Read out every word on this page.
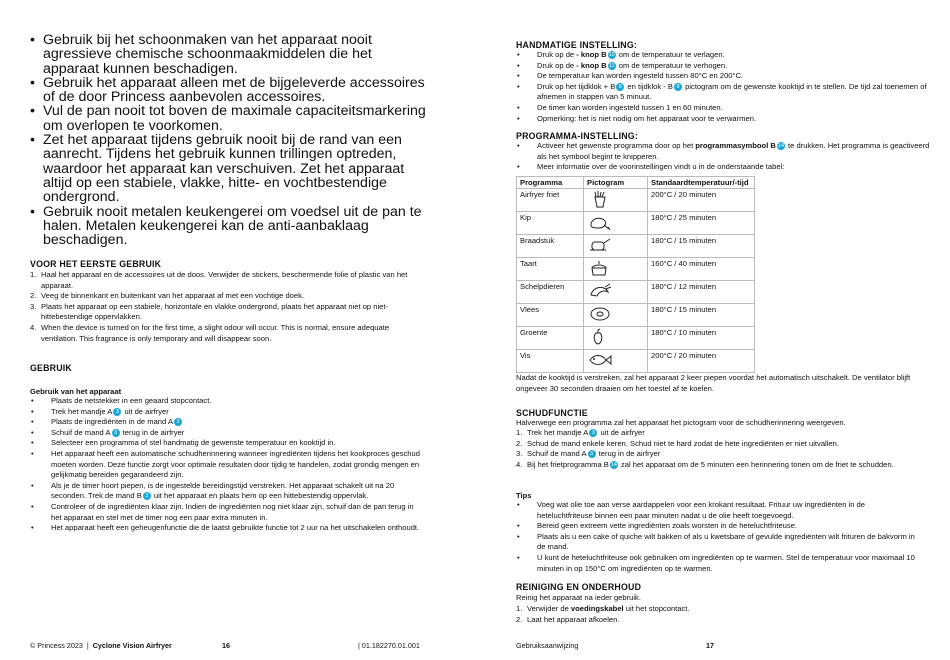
• Gebruik bij het schoonmaken van het apparaat nooit agressieve chemische schoonmaakmiddelen die het apparaat kunnen beschadigen.
• Gebruik het apparaat alleen met de bijgeleverde accessoires of de door Princess aanbevolen accessoires.
• Vul de pan nooit tot boven de maximale capaciteitsmarkering om overlopen te voorkomen.
• Zet het apparaat tijdens gebruik nooit bij de rand van een aanrecht. Tijdens het gebruik kunnen trillingen optreden, waardoor het apparaat kan verschuiven. Zet het apparaat altijd op een stabiele, vlakke, hitte- en vochtbestendige ondergrond.
• Gebruik nooit metalen keukengerei om voedsel uit de pan te halen. Metalen keukengerei kan de anti-aanbaklaag beschadigen.
VOOR HET EERSTE GEBRUIK
1. Haal het apparaat en de accessoires uit de doos. Verwijder de stickers, beschermende folie of plastic van het apparaat.
2. Veeg de binnenkant en buitenkant van het apparaat af met een vochtige doek.
3. Plaats het apparaat op een stabiele, horizontale en vlakke ondergrond, plaats het apparaat niet op niet-hittebestendige oppervlakken.
4. When the device is turned on for the first time, a slight odour will occur. This is normal, ensure adequate ventilation. This fragrance is only temporary and will disappear soon.
GEBRUIK
Gebruik van het apparaat
• Plaats de netstekker in een geaard stopcontact.
• Trek het mandje A 3 uit de airfryer
• Plaats de ingrediënten in de mand A 3
• Schuif de mand A 3 terug in de airfryer
• Selecteer een programma of stel handmatig de gewenste temperatuur en kooktijd in.
• Het apparaat heeft een automatische schudherinnering wanneer ingrediënten tijdens het kookproces geschud moeten worden. Deze functie zorgt voor optimale resultaten door tijdig te handelen, zodat grondig mengen en gelijkmatig bereiden gegarandeerd zijn.
• Als je de timer hoort piepen, is de ingestelde bereidingstijd verstreken. Het apparaat schakelt uit na 20 seconden. Trek de mand B 3 uit het apparaat en plaats hem op een hittebestendig oppervlak.
• Controleer of de ingrediënten klaar zijn. Indien de ingrediënten nog niet klaar zijn, schuif dan de pan terug in het apparaat en stel met de timer nog een paar extra minuten in.
• Het apparaat heeft een geheugenfunctie die de laatst gebruikte functie tot 2 uur na het uitschakelen onthoudt.
© Princess 2023 | Cyclone Vision Airfryer	16	| 01.182270.01.001
HANDMATIGE INSTELLING:
• Druk op de - knop B 10 om de temperatuur te verlagen.
• Druk op de - knop B 11 om de temperatuur te verhogen.
• De temperatuur kan worden ingesteld tussen 80°C en 200°C.
• Druk op het tijdklok + B 8 en tijdklok - B 9 pictogram om de gewenste kooktijd in te stellen. De tijd zal toenemen of afnemen in stappen van 5 minuut.
• De timer kan worden ingesteld tussen 1 en 60 minuten.
• Opmerking: het is niet nodig om het apparaat voor te verwarmen.
PROGRAMMA-INSTELLING:
• Activeer het gewenste programma door op het programmasymbool B 14 te drukken. Het programma is geactiveerd als het symbool begint te knipperen.
• Meer informatie over de voorinstellingen vindt u in de onderstaande tabel:
Programma	Pictogram	Standaardtemperatuur/-tijd
Airfryer friet		200°C / 20 minuten
Kip		180°C / 25 minuten
Braadstuk		180°C / 15 minuten
Taart		160°C / 40 minuten
Schelpdieren		180°C / 12 minuten
Vlees		180°C / 15 minuten
Groente		180°C / 10 minuten
Vis		200°C / 20 minuten
Nadat de kooktijd is verstreken, zal het apparaat 2 keer piepen voordat het automatisch uitschakelt. De ventilator blijft ongeveer 30 seconden draaien om het toestel af te koelen.
SCHUDFUNCTIE
Halverwege een programma zal het apparaat het pictogram voor de schudherinnering weergeven.
1. Trek het mandje A 3 uit de airfryer
2. Schud de mand enkele keren. Schud niet te hard zodat de hete ingrediënten er niet uitvallen.
3. Schuif de mand A 3 terug in de airfryer
4. Bij het frietprogramma B 14 zal het apparaat om de 5 minuten een herinnering tonen om de friet te schudden.
Tips
• Voeg wat olie toe aan verse aardappelen voor een krokant resultaat. Frituur uw ingrediënten in de heteluchtfriteuse binnen een paar minuten nadat u de olie heeft toegevoegd.
• Bereid geen extreem vette ingrediënten zoals worsten in de heteluchtfriteuse.
• Plaats als u een cake of quiche wilt bakken of als u kwetsbare of gevulde ingrediënten wilt frituren de bakvorm in de mand.
• U kunt de heteluchtfriteuse ook gebruiken om ingrediënten op te warmen. Stel de temperatuur voor maximaal 10 minuten in op 150°C om ingrediënten op te warmen.
REINIGING EN ONDERHOUD
Reinig het apparaat na ieder gebruik.
1. Verwijder de voedingskabel uit het stopcontact.
2. Laat het apparaat afkoelen.
Gebruiksaanwijzing	17
